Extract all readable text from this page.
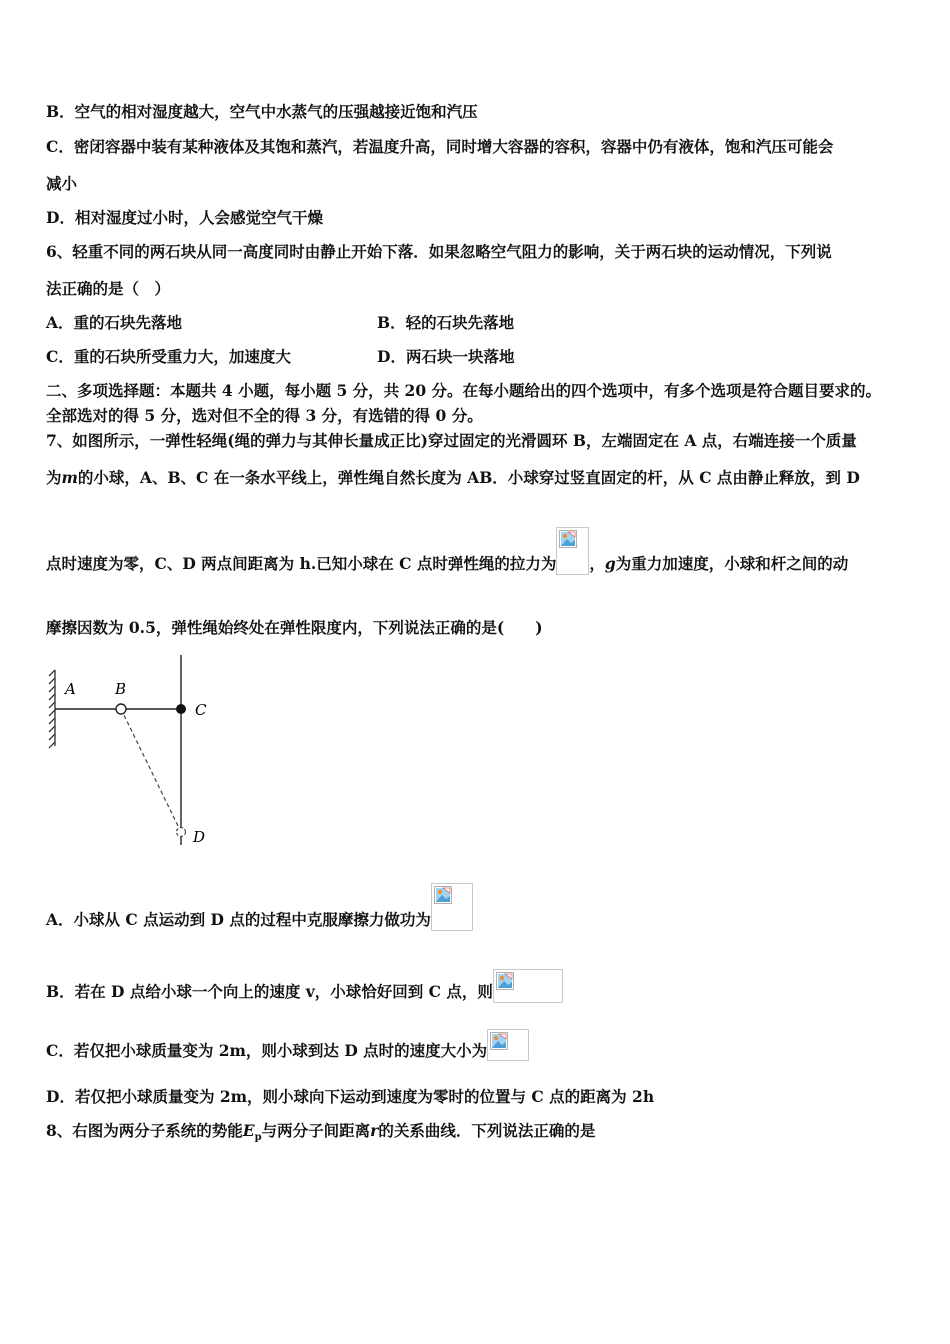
B．空气的相对湿度越大，空气中水蒸气的压强越接近饱和汽压
C．密闭容器中装有某种液体及其饱和蒸汽，若温度升高，同时增大容器的容积，容器中仍有液体，饱和汽压可能会
减小
D．相对湿度过小时，人会感觉空气干燥
6、轻重不同的两石块从同一高度同时由静止开始下落．如果忽略空气阻力的影响，关于两石块的运动情况，下列说
法正确的是（　）
A．重的石块先落地	B．轻的石块先落地
C．重的石块所受重力大，加速度大	D．两石块一块落地
二、多项选择题：本题共 4 小题，每小题 5 分，共 20 分。在每小题给出的四个选项中，有多个选项是符合题目要求的。
全部选对的得 5 分，选对但不全的得 3 分，有选错的得 0 分。
7、如图所示，一弹性轻绳(绳的弹力与其伸长量成正比)穿过固定的光滑圆环 B，左端固定在 A 点，右端连接一个质量
为m的小球，A、B、C 在一条水平线上，弹性绳自然长度为 AB．小球穿过竖直固定的杆，从 C 点由静止释放，到 D
点时速度为零，C、D 两点间距离为 h.已知小球在 C 点时弹性绳的拉力为 ，g为重力加速度，小球和杆之间的动
摩擦因数为 0.5，弹性绳始终处在弹性限度内，下列说法正确的是(　　)
A	B
C
D
A．小球从 C 点运动到 D 点的过程中克服摩擦力做功为
B．若在 D 点给小球一个向上的速度 v，小球恰好回到 C 点，则
C．若仅把小球质量变为 2m，则小球到达 D 点时的速度大小为
D．若仅把小球质量变为 2m，则小球向下运动到速度为零时的位置与 C 点的距离为 2h
8、右图为两分子系统的势能$E_p$与两分子间距离r的关系曲线．下列说法正确的是
